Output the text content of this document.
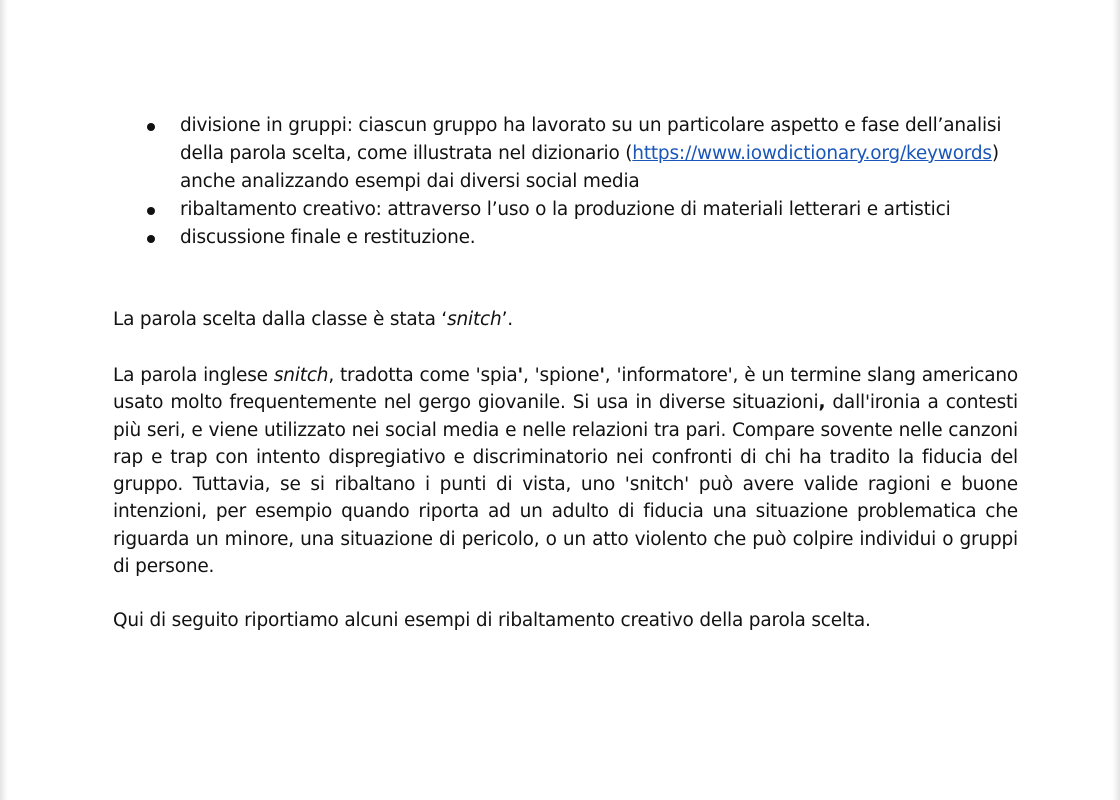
divisione in gruppi: ciascun gruppo ha lavorato su un particolare aspetto e fase dell’analisi della parola scelta, come illustrata nel dizionario (https://www.iowdictionary.org/keywords) anche analizzando esempi dai diversi social media
ribaltamento creativo: attraverso l’uso o la produzione di materiali letterari e artistici
discussione finale e restituzione.

La parola scelta dalla classe è stata ‘snitch’.

La parola inglese snitch, tradotta come 'spia', 'spione', 'informatore', è un termine slang americano usato molto frequentemente nel gergo giovanile. Si usa in diverse situazioni, dall'ironia a contesti più seri, e viene utilizzato nei social media e nelle relazioni tra pari. Compare sovente nelle canzoni rap e trap con intento dispregiativo e discriminatorio nei confronti di chi ha tradito la fiducia del gruppo. Tuttavia, se si ribaltano i punti di vista, uno 'snitch' può avere valide ragioni e buone intenzioni, per esempio quando riporta ad un adulto di fiducia una situazione problematica che riguarda un minore, una situazione di pericolo, o un atto violento che può colpire individui o gruppi di persone.

Qui di seguito riportiamo alcuni esempi di ribaltamento creativo della parola scelta.
